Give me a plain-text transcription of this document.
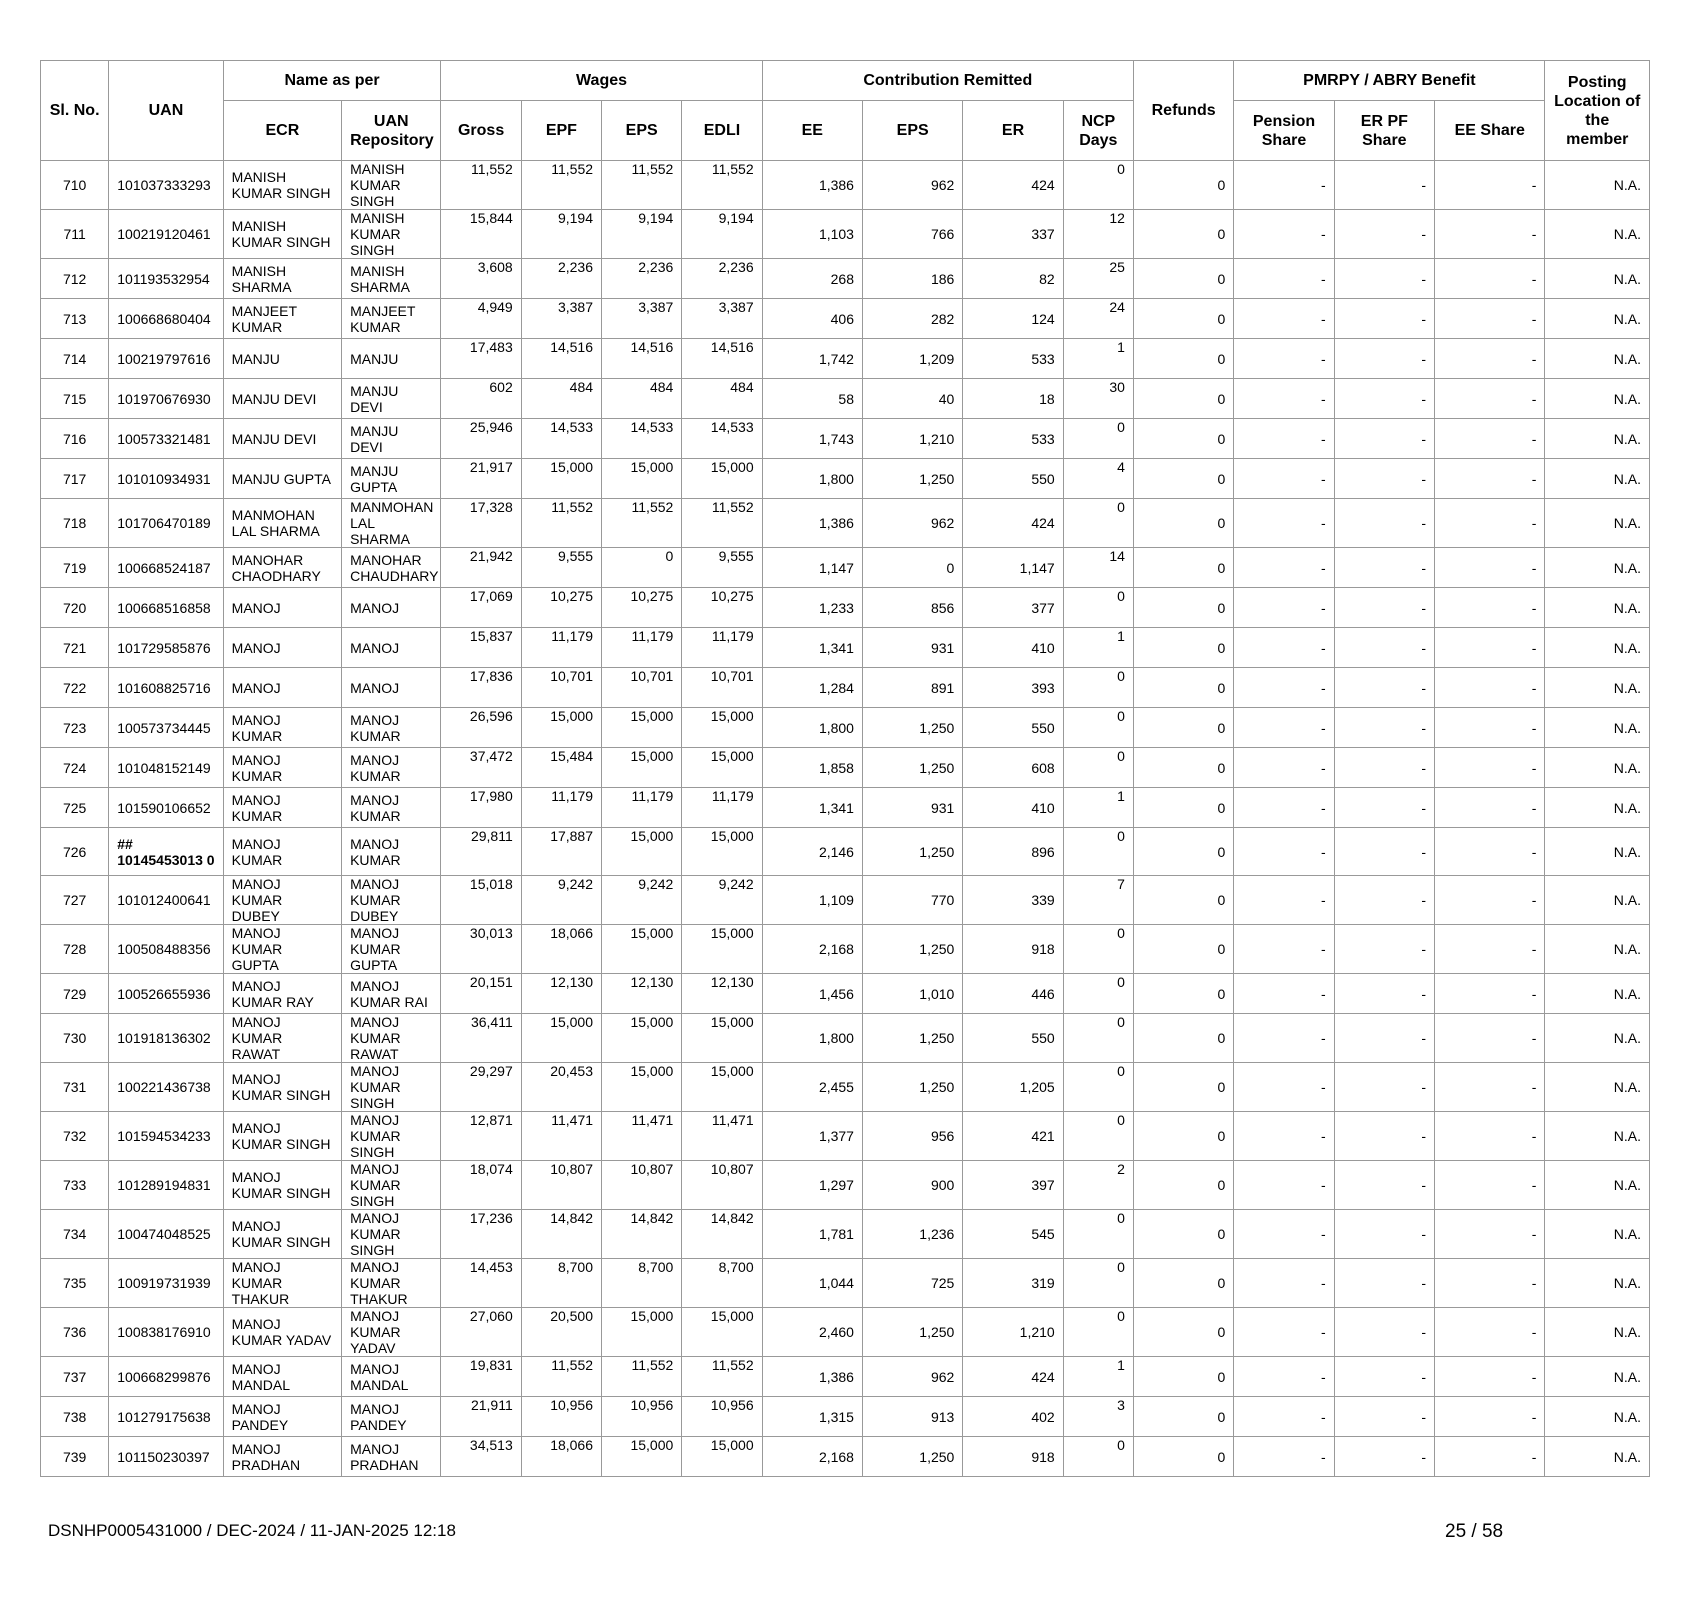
Sl. No.	UAN	Name as per		Wages				Contribution Remitted				Refunds	PMRPY / ABRY Benefit			Posting Location of the member
		ECR	UAN Repository	Gross	EPF	EPS	EDLI	EE	EPS	ER	NCP Days		Pension Share	ER PF Share	EE Share	
710	101037333293	MANISH KUMAR SINGH	MANISH KUMAR SINGH	11,552	11,552	11,552	11,552	1,386	962	424	0	0	-	-	-	N.A.
711	100219120461	MANISH KUMAR SINGH	MANISH KUMAR SINGH	15,844	9,194	9,194	9,194	1,103	766	337	12	0	-	-	-	N.A.
712	101193532954	MANISH SHARMA	MANISH SHARMA	3,608	2,236	2,236	2,236	268	186	82	25	0	-	-	-	N.A.
713	100668680404	MANJEET KUMAR	MANJEET KUMAR	4,949	3,387	3,387	3,387	406	282	124	24	0	-	-	-	N.A.
714	100219797616	MANJU	MANJU	17,483	14,516	14,516	14,516	1,742	1,209	533	1	0	-	-	-	N.A.
715	101970676930	MANJU DEVI	MANJU DEVI	602	484	484	484	58	40	18	30	0	-	-	-	N.A.
716	100573321481	MANJU DEVI	MANJU DEVI	25,946	14,533	14,533	14,533	1,743	1,210	533	0	0	-	-	-	N.A.
717	101010934931	MANJU GUPTA	MANJU GUPTA	21,917	15,000	15,000	15,000	1,800	1,250	550	4	0	-	-	-	N.A.
718	101706470189	MANMOHAN LAL SHARMA	MANMOHAN LAL SHARMA	17,328	11,552	11,552	11,552	1,386	962	424	0	0	-	-	-	N.A.
719	100668524187	MANOHAR CHAODHARY	MANOHAR CHAUDHARY	21,942	9,555	0	9,555	1,147	0	1,147	14	0	-	-	-	N.A.
720	100668516858	MANOJ	MANOJ	17,069	10,275	10,275	10,275	1,233	856	377	0	0	-	-	-	N.A.
721	101729585876	MANOJ	MANOJ	15,837	11,179	11,179	11,179	1,341	931	410	1	0	-	-	-	N.A.
722	101608825716	MANOJ	MANOJ	17,836	10,701	10,701	10,701	1,284	891	393	0	0	-	-	-	N.A.
723	100573734445	MANOJ KUMAR	MANOJ KUMAR	26,596	15,000	15,000	15,000	1,800	1,250	550	0	0	-	-	-	N.A.
724	101048152149	MANOJ KUMAR	MANOJ KUMAR	37,472	15,484	15,000	15,000	1,858	1,250	608	0	0	-	-	-	N.A.
725	101590106652	MANOJ KUMAR	MANOJ KUMAR	17,980	11,179	11,179	11,179	1,341	931	410	1	0	-	-	-	N.A.
726	## 10145453013 0	MANOJ KUMAR	MANOJ KUMAR	29,811	17,887	15,000	15,000	2,146	1,250	896	0	0	-	-	-	N.A.
727	101012400641	MANOJ KUMAR DUBEY	MANOJ KUMAR DUBEY	15,018	9,242	9,242	9,242	1,109	770	339	7	0	-	-	-	N.A.
728	100508488356	MANOJ KUMAR GUPTA	MANOJ KUMAR GUPTA	30,013	18,066	15,000	15,000	2,168	1,250	918	0	0	-	-	-	N.A.
729	100526655936	MANOJ KUMAR RAY	MANOJ KUMAR RAI	20,151	12,130	12,130	12,130	1,456	1,010	446	0	0	-	-	-	N.A.
730	101918136302	MANOJ KUMAR RAWAT	MANOJ KUMAR RAWAT	36,411	15,000	15,000	15,000	1,800	1,250	550	0	0	-	-	-	N.A.
731	100221436738	MANOJ KUMAR SINGH	MANOJ KUMAR SINGH	29,297	20,453	15,000	15,000	2,455	1,250	1,205	0	0	-	-	-	N.A.
732	101594534233	MANOJ KUMAR SINGH	MANOJ KUMAR SINGH	12,871	11,471	11,471	11,471	1,377	956	421	0	0	-	-	-	N.A.
733	101289194831	MANOJ KUMAR SINGH	MANOJ KUMAR SINGH	18,074	10,807	10,807	10,807	1,297	900	397	2	0	-	-	-	N.A.
734	100474048525	MANOJ KUMAR SINGH	MANOJ KUMAR SINGH	17,236	14,842	14,842	14,842	1,781	1,236	545	0	0	-	-	-	N.A.
735	100919731939	MANOJ KUMAR THAKUR	MANOJ KUMAR THAKUR	14,453	8,700	8,700	8,700	1,044	725	319	0	0	-	-	-	N.A.
736	100838176910	MANOJ KUMAR YADAV	MANOJ KUMAR YADAV	27,060	20,500	15,000	15,000	2,460	1,250	1,210	0	0	-	-	-	N.A.
737	100668299876	MANOJ MANDAL	MANOJ MANDAL	19,831	11,552	11,552	11,552	1,386	962	424	1	0	-	-	-	N.A.
738	101279175638	MANOJ PANDEY	MANOJ PANDEY	21,911	10,956	10,956	10,956	1,315	913	402	3	0	-	-	-	N.A.
739	101150230397	MANOJ PRADHAN	MANOJ PRADHAN	34,513	18,066	15,000	15,000	2,168	1,250	918	0	0	-	-	-	N.A.
DSNHP0005431000 / DEC-2024 / 11-JAN-2025 12:18	25 / 58
